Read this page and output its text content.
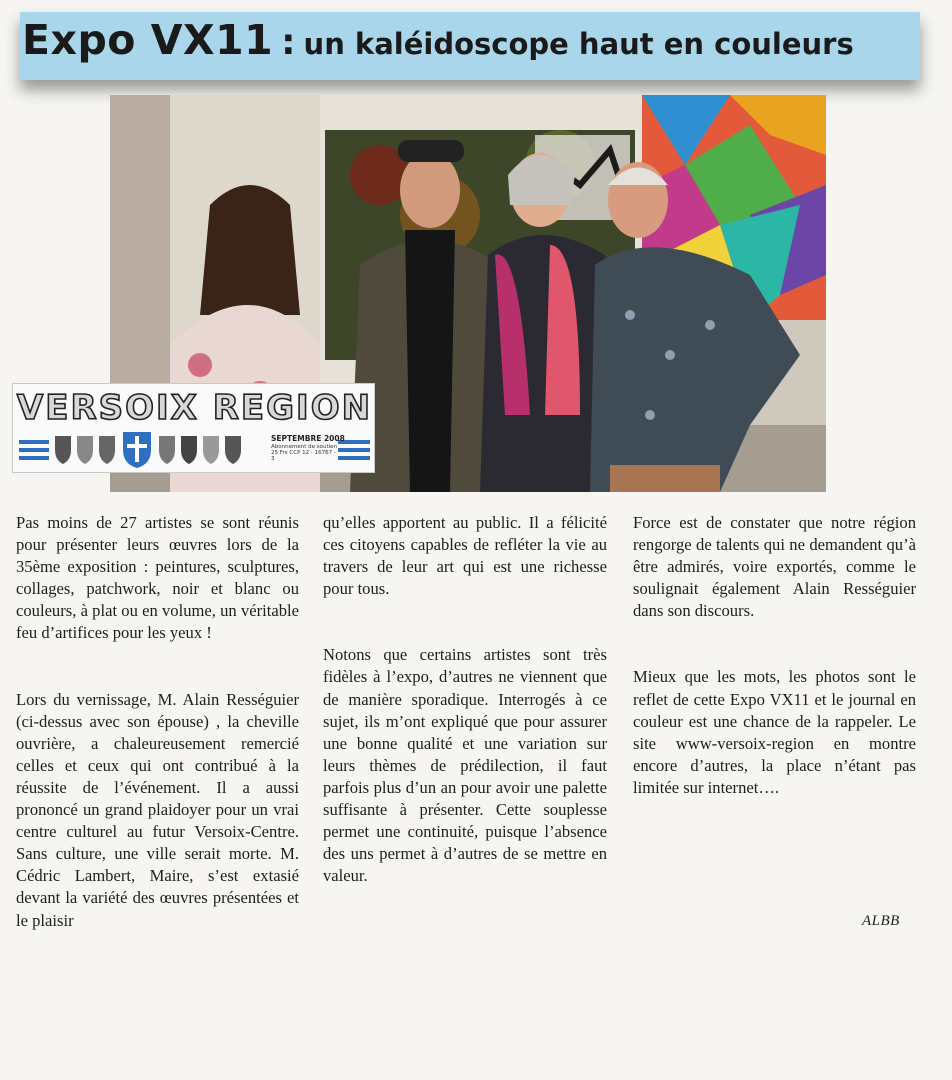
Expo VX11 : un kaléidoscope haut en couleurs
VERSOIX REGION
SEPTEMBRE 2008
Abonnement de soutien 25 Frs CCP 12 - 16767 - 3

Pas moins de 27 artistes se sont réunis pour présenter leurs œuvres lors de la 35ème exposition : peintures, sculptures, collages, patchwork, noir et blanc ou couleurs, à plat ou en volume, un véritable feu d’artifices pour les yeux !

Lors du vernissage, M. Alain Rességuier (ci-dessus avec son épouse) , la cheville ouvrière, a chaleureusement remercié celles et ceux qui ont contribué à la réussite de l’événement. Il a aussi prononcé un grand plaidoyer pour un vrai centre culturel au futur Versoix-Centre. Sans culture, une ville serait morte. M. Cédric Lambert, Maire, s’est extasié devant la variété des œuvres présentées et le plaisir

qu’elles apportent au public. Il a félicité ces citoyens capables de refléter la vie au travers de leur art qui est une richesse pour tous.

Notons que certains artistes sont très fidèles à l’expo, d’autres ne viennent que de manière sporadique. Interrogés à ce sujet, ils m’ont expliqué que pour assurer une bonne qualité et une variation sur leurs thèmes de prédilection, il faut parfois plus d’un an pour avoir une palette suffisante à présenter. Cette souplesse permet une continuité, puisque l’absence des uns permet à d’autres de se mettre en valeur.

Force est de constater que notre région rengorge de talents qui ne demandent qu’à être admirés, voire exportés, comme le soulignait également Alain Rességuier dans son discours.

Mieux que les mots, les photos sont le reflet de cette Expo VX11 et le journal en couleur est une chance de la rappeler. Le site www-versoix-region en montre encore d’autres, la place n’étant pas limitée sur internet….

ALBB
